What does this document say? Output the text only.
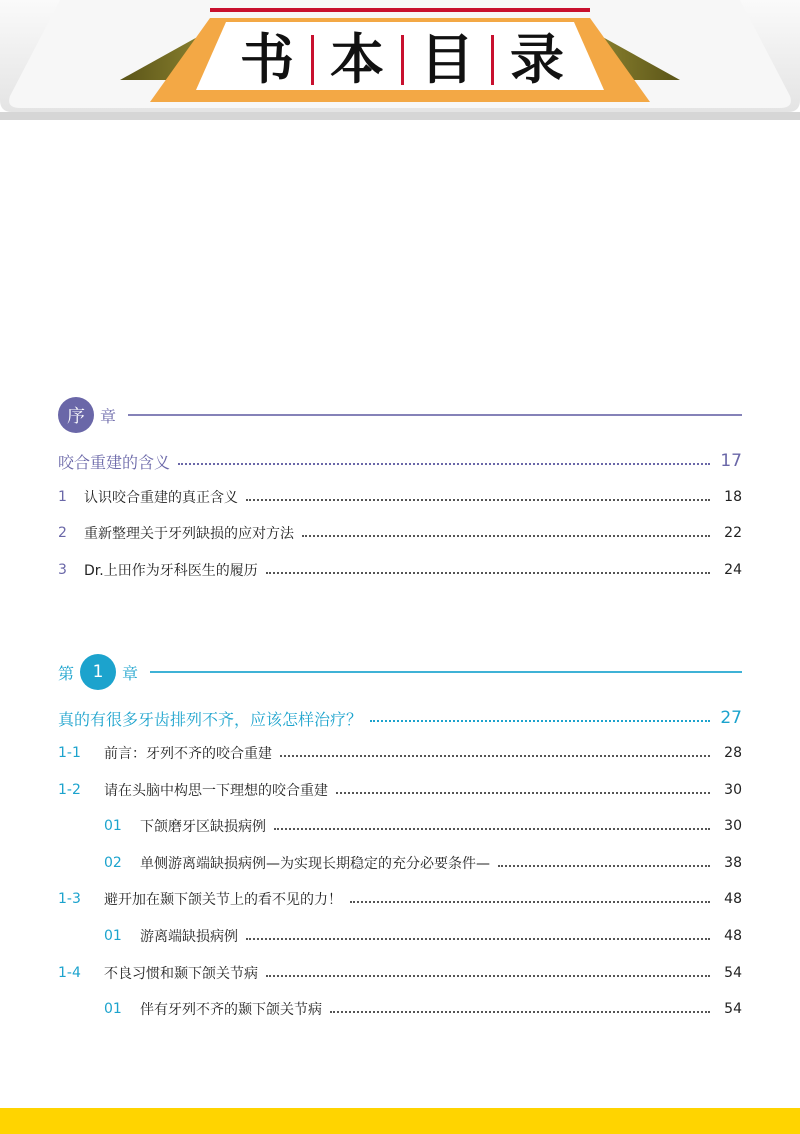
书 本 目 录
序 章
咬合重建的含义	17
1	认识咬合重建的真正含义	18
2	重新整理关于牙列缺损的应对方法	22
3	Dr.上田作为牙科医生的履历	24
第	1	章
真的有很多牙齿排列不齐，应该怎样治疗？	27
1-1	前言：牙列不齐的咬合重建	28
1-2	请在头脑中构思一下理想的咬合重建	30
01	下颌磨牙区缺损病例	30
02	单侧游离端缺损病例—为实现长期稳定的充分必要条件—	38
1-3	避开加在颞下颌关节上的看不见的力！	48
01	游离端缺损病例	48
1-4	不良习惯和颞下颌关节病	54
01	伴有牙列不齐的颞下颌关节病	54
